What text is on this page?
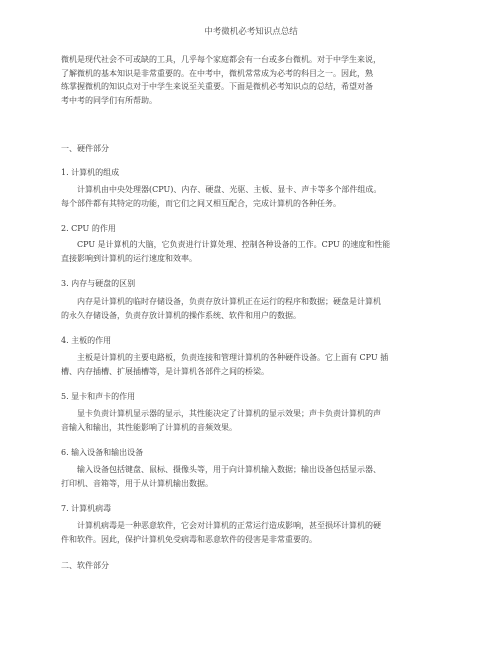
中考微机必考知识点总结
微机是现代社会不可或缺的工具，几乎每个家庭都会有一台或多台微机。对于中学生来说，
了解微机的基本知识是非常重要的。在中考中，微机常常成为必考的科目之一。因此，熟
练掌握微机的知识点对于中学生来说至关重要。下面是微机必考知识点的总结，希望对备
考中考的同学们有所帮助。
一、硬件部分
1. 计算机的组成
计算机由中央处理器(CPU)、内存、硬盘、光驱、主板、显卡、声卡等多个部件组成。
每个部件都有其特定的功能，而它们之间又相互配合，完成计算机的各种任务。
2. CPU 的作用
CPU 是计算机的大脑，它负责进行计算处理、控制各种设备的工作。CPU 的速度和性能
直接影响到计算机的运行速度和效率。
3. 内存与硬盘的区别
内存是计算机的临时存储设备，负责存放计算机正在运行的程序和数据；硬盘是计算机
的永久存储设备，负责存放计算机的操作系统、软件和用户的数据。
4. 主板的作用
主板是计算机的主要电路板，负责连接和管理计算机的各种硬件设备。它上面有 CPU 插
槽、内存插槽、扩展插槽等，是计算机各部件之间的桥梁。
5. 显卡和声卡的作用
显卡负责计算机显示器的显示，其性能决定了计算机的显示效果；声卡负责计算机的声
音输入和输出，其性能影响了计算机的音频效果。
6. 输入设备和输出设备
输入设备包括键盘、鼠标、摄像头等，用于向计算机输入数据；输出设备包括显示器、
打印机、音箱等，用于从计算机输出数据。
7. 计算机病毒
计算机病毒是一种恶意软件，它会对计算机的正常运行造成影响，甚至损坏计算机的硬
件和软件。因此，保护计算机免受病毒和恶意软件的侵害是非常重要的。
二、软件部分
